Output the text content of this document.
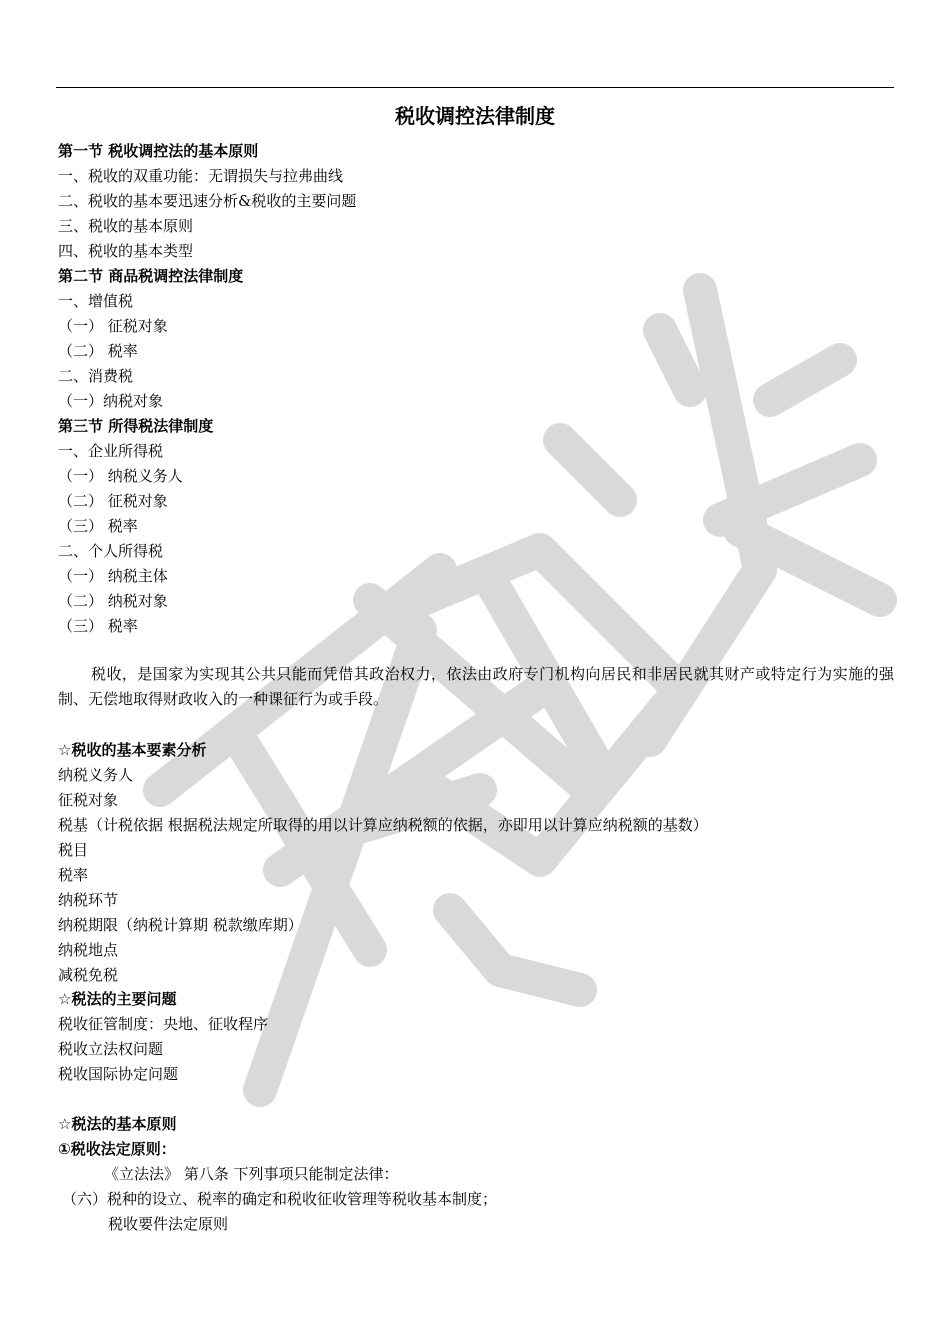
税收调控法律制度
第一节 税收调控法的基本原则
一、税收的双重功能：无谓损失与拉弗曲线
二、税收的基本要迅速分析&税收的主要问题
三、税收的基本原则
四、税收的基本类型
第二节 商品税调控法律制度
一、增值税
（一） 征税对象
（二） 税率
二、消费税
（一）纳税对象
第三节 所得税法律制度
一、企业所得税
（一） 纳税义务人
（二） 征税对象
（三） 税率
二、个人所得税
（一） 纳税主体
（二） 纳税对象
（三） 税率
税收，是国家为实现其公共只能而凭借其政治权力，依法由政府专门机构向居民和非居民就其财产或特定行为实施的强制、无偿地取得财政收入的一种课征行为或手段。
☆税收的基本要素分析
纳税义务人
征税对象
税基（计税依据 根据税法规定所取得的用以计算应纳税额的依据，亦即用以计算应纳税额的基数）
税目
税率
纳税环节
纳税期限（纳税计算期 税款缴库期）
纳税地点
减税免税
☆税法的主要问题
税收征管制度：央地、征收程序
税收立法权问题
税收国际协定问题
☆税法的基本原则
①税收法定原则：
《立法法》 第八条 下列事项只能制定法律：
（六）税种的设立、税率的确定和税收征收管理等税收基本制度；
税收要件法定原则
